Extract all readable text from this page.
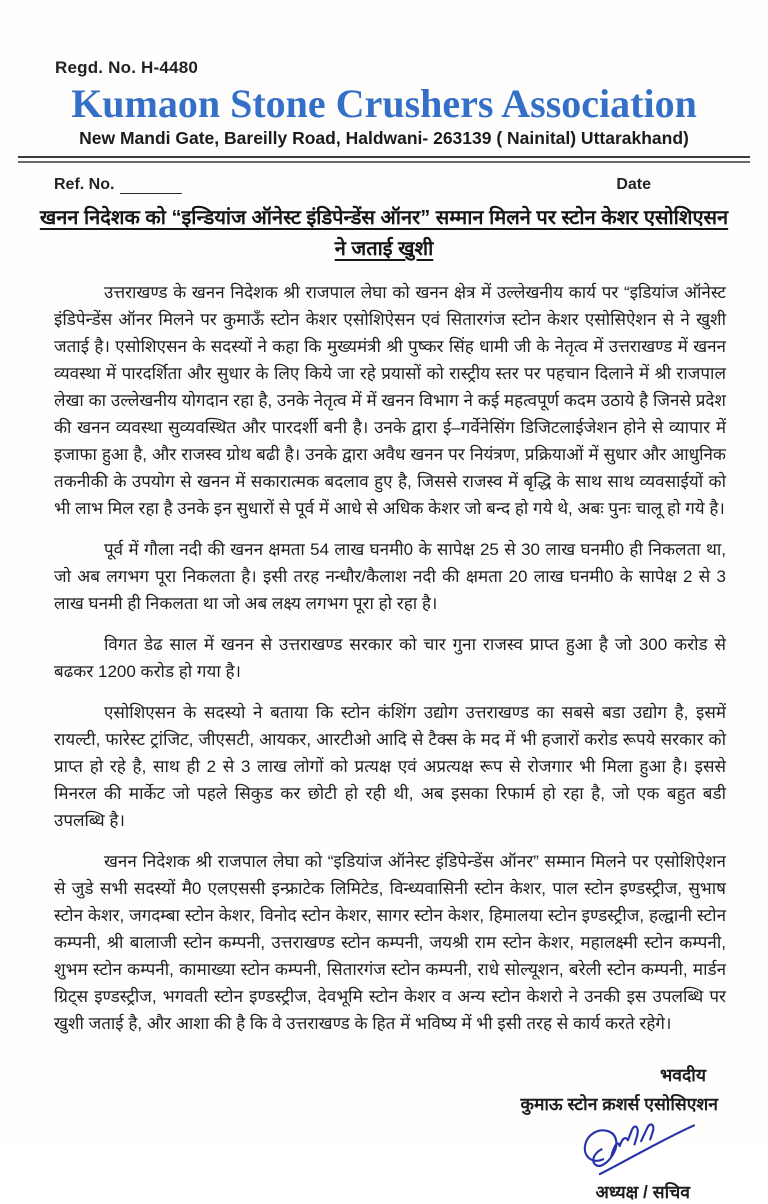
Regd. No. H-4480
Kumaon Stone Crushers Association
New Mandi Gate, Bareilly Road, Haldwani- 263139 ( Nainital) Uttarakhand)
Ref. No.	Date
खनन निदेशक को “इन्डियांज ऑनेस्ट इंडिपेन्डेंस ऑनर” सम्मान मिलने पर स्टोन केशर एसोशिएसन
ने जताई खुशी

उत्तराखण्ड के खनन निदेशक श्री राजपाल लेघा को खनन क्षेत्र में उल्लेखनीय कार्य पर “इडियांज ऑनेस्ट इंडिपेन्डेंस ऑनर मिलने पर कुमाऊँ स्टोन केशर एसोशिऐसन एवं सितारगंज स्टोन केशर एसोसिऐशन से ने खुशी जताई है। एसोशिएसन के सदस्यों ने कहा कि मुख्यमंत्री श्री पुष्कर सिंह धामी जी के नेतृत्व में उत्तराखण्ड में खनन व्यवस्था में पारदर्शिता और सुधार के लिए किये जा रहे प्रयासों को रास्ट्रीय स्तर पर पहचान दिलाने में श्री राजपाल लेखा का उल्लेखनीय योगदान रहा है, उनके नेतृत्व में में खनन विभाग ने कई महत्वपूर्ण कदम उठाये है जिनसे प्रदेश की खनन व्यवस्था सुव्यवस्थित और पारदर्शी बनी है। उनके द्वारा ई–गर्वेनेसिंग डिजिटलाईजेशन होने से व्यापार में इजाफा हुआ है, और राजस्व ग्रोथ बढी है। उनके द्वारा अवैध खनन पर नियंत्रण, प्रक्रियाओं में सुधार और आधुनिक तकनीकी के उपयोग से खनन में सकारात्मक बदलाव हुए है, जिससे राजस्व में बृद्धि के साथ साथ व्यवसाईयों को भी लाभ मिल रहा है उनके इन सुधारों से पूर्व में आधे से अधिक केशर जो बन्द हो गये थे, अबः पुनः चालू हो गये है।

पूर्व में गौला नदी की खनन क्षमता 54 लाख घनमी0 के सापेक्ष 25 से 30 लाख घनमी0 ही निकलता था, जो अब लगभग पूरा निकलता है। इसी तरह नन्धौर/कैलाश नदी की क्षमता 20 लाख घनमी0 के सापेक्ष 2 से 3 लाख घनमी ही निकलता था जो अब लक्ष्य लगभग पूरा हो रहा है।

विगत डेढ साल में खनन से उत्तराखण्ड सरकार को चार गुना राजस्व प्राप्त हुआ है जो 300 करोड से बढकर 1200 करोड हो गया है।

एसोशिएसन के सदस्यो ने बताया कि स्टोन कंशिंग उद्योग उत्तराखण्ड का सबसे बडा उद्योग है, इसमें रायल्टी, फारेस्ट ट्रांजिट, जीएसटी, आयकर, आरटीओ आदि से टैक्स के मद में भी हजारों करोड रूपये सरकार को प्राप्त हो रहे है, साथ ही 2 से 3 लाख लोगों को प्रत्यक्ष एवं अप्रत्यक्ष रूप से रोजगार भी मिला हुआ है। इससे मिनरल की मार्केट जो पहले सिकुड कर छोटी हो रही थी, अब इसका रिफार्म हो रहा है, जो एक बहुत बडी उपलब्धि है।

खनन निदेशक श्री राजपाल लेघा को “इडियांज ऑनेस्ट इंडिपेन्डेंस ऑनर” सम्मान मिलने पर एसोशिऐशन से जुडे सभी सदस्यों मै0 एलएससी इन्फ्राटेक लिमिटेड, विन्ध्यवासिनी स्टोन केशर, पाल स्टोन इण्डस्ट्रीज, सुभाष स्टोन केशर, जगदम्बा स्टोन केशर, विनोद स्टोन केशर, सागर स्टोन केशर, हिमालया स्टोन इण्डस्ट्रीज, हल्द्वानी स्टोन कम्पनी, श्री बालाजी स्टोन कम्पनी, उत्तराखण्ड स्टोन कम्पनी, जयश्री राम स्टोन केशर, महालक्ष्मी स्टोन कम्पनी, शुभम स्टोन कम्पनी, कामाख्या स्टोन कम्पनी, सितारगंज स्टोन कम्पनी, राधे सोल्यूशन, बरेली स्टोन कम्पनी, मार्डन ग्रिट्स इण्डस्ट्रीज, भगवती स्टोन इण्डस्ट्रीज, देवभूमि स्टोन केशर व अन्य स्टोन केशरो ने उनकी इस उपलब्धि पर खुशी जताई है, और आशा की है कि वे उत्तराखण्ड के हित में भविष्य में भी इसी तरह से कार्य करते रहेगे।

भवदीय
कुमाऊ स्टोन क्रशर्स एसोसिएशन
अध्यक्ष / सचिव
